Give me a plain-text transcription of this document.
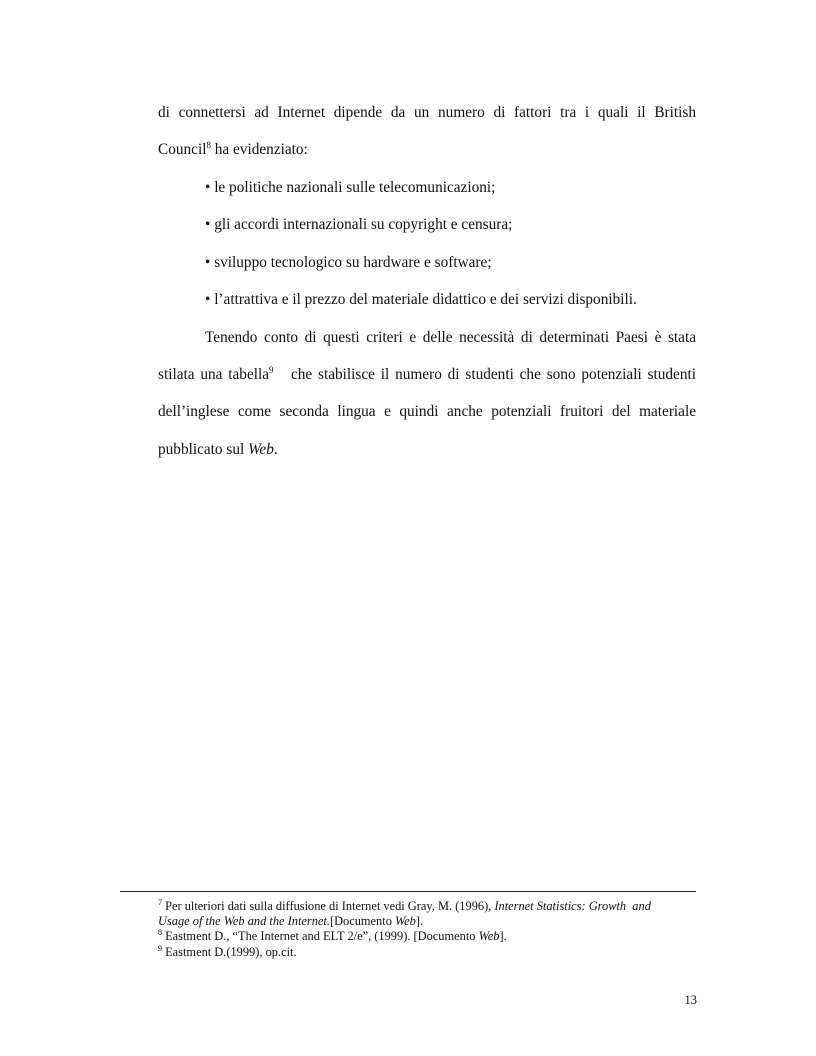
di connettersi ad Internet dipende da un numero di fattori tra i quali il British
Council$^8$ ha evidenziato:
• le politiche nazionali sulle telecomunicazioni;
• gli accordi internazionali su copyright e censura;
• sviluppo tecnologico su hardware e software;
• l’attrattiva e il prezzo del materiale didattico e dei servizi disponibili.
Tenendo conto di questi criteri e delle necessità di determinati Paesi è stata
stilata una tabella$^9$   che stabilisce il numero di studenti che sono potenziali studenti
dell’inglese come seconda lingua e quindi anche potenziali fruitori del materiale
pubblicato sul Web.
$^7$ Per ulteriori dati sulla diffusione di Internet vedi Gray, M. (1996), Internet Statistics: Growth  and
Usage of the Web and the Internet.[Documento Web].
$^8$ Eastment D., “The Internet and ELT 2/e”, (1999). [Documento Web].
$^9$ Eastment D.(1999), op.cit.
13
